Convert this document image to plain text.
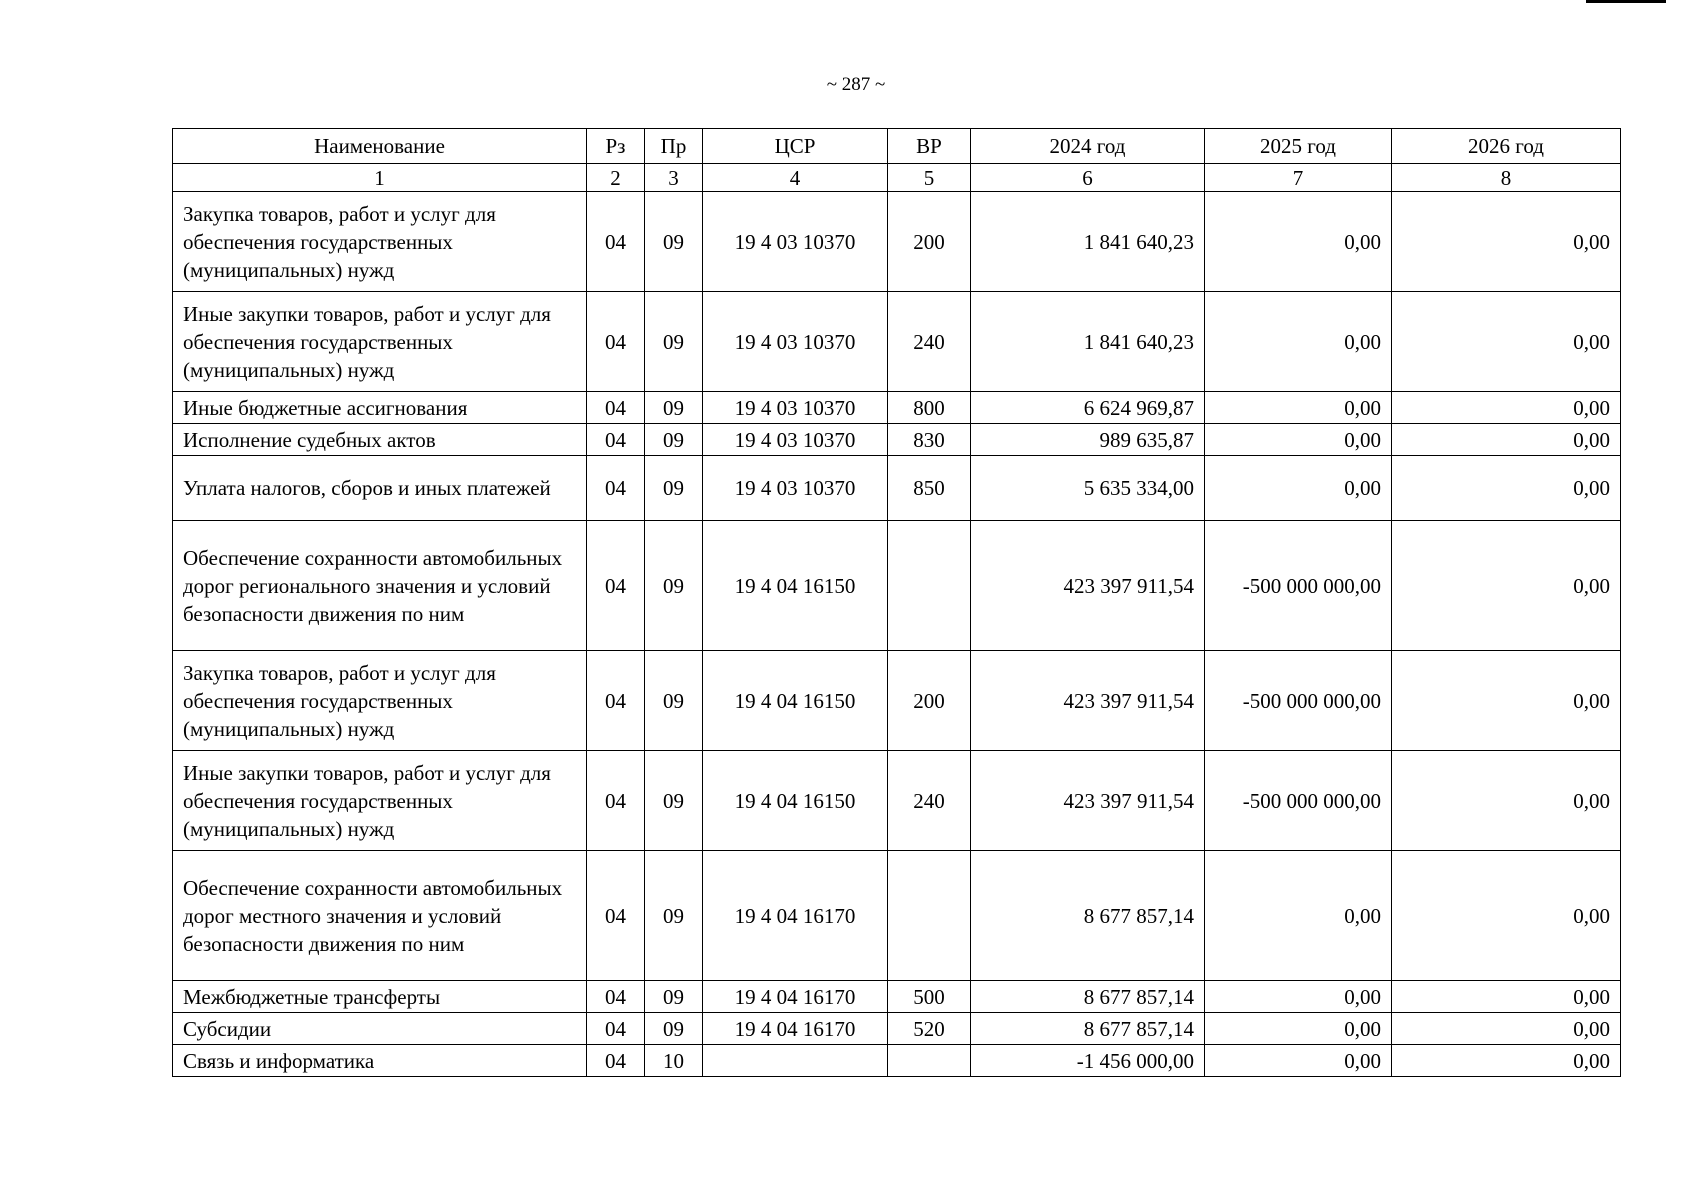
~ 287 ~
Наименование	Рз	Пр	ЦСР	ВР	2024 год	2025 год	2026 год
1	2	3	4	5	6	7	8
Закупка товаров, работ и услуг для обеспечения государственных (муниципальных) нужд	04	09	19 4 03 10370	200	1 841 640,23	0,00	0,00
Иные закупки товаров, работ и услуг для обеспечения государственных (муниципальных) нужд	04	09	19 4 03 10370	240	1 841 640,23	0,00	0,00
Иные бюджетные ассигнования	04	09	19 4 03 10370	800	6 624 969,87	0,00	0,00
Исполнение судебных актов	04	09	19 4 03 10370	830	989 635,87	0,00	0,00
Уплата налогов, сборов и иных платежей	04	09	19 4 03 10370	850	5 635 334,00	0,00	0,00
Обеспечение сохранности автомобильных дорог регионального значения и условий безопасности движения по ним	04	09	19 4 04 16150		423 397 911,54	-500 000 000,00	0,00
Закупка товаров, работ и услуг для обеспечения государственных (муниципальных) нужд	04	09	19 4 04 16150	200	423 397 911,54	-500 000 000,00	0,00
Иные закупки товаров, работ и услуг для обеспечения государственных (муниципальных) нужд	04	09	19 4 04 16150	240	423 397 911,54	-500 000 000,00	0,00
Обеспечение сохранности автомобильных дорог местного значения и условий безопасности движения по ним	04	09	19 4 04 16170		8 677 857,14	0,00	0,00
Межбюджетные трансферты	04	09	19 4 04 16170	500	8 677 857,14	0,00	0,00
Субсидии	04	09	19 4 04 16170	520	8 677 857,14	0,00	0,00
Связь и информатика	04	10			-1 456 000,00	0,00	0,00
